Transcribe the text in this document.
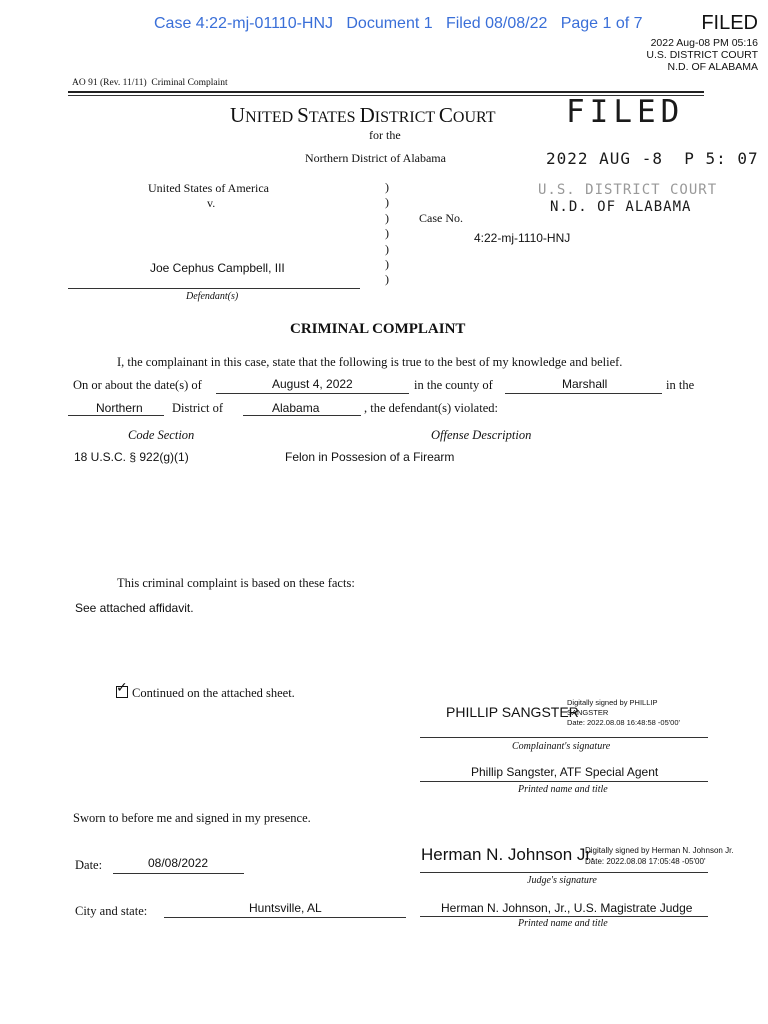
Case 4:22-mj-01110-HNJ   Document 1   Filed 08/08/22   Page 1 of 7	FILED
2022 Aug-08 PM 05:16
U.S. DISTRICT COURT
N.D. OF ALABAMA
AO 91 (Rev. 11/11) Criminal Complaint
UNITED STATES DISTRICT COURT
for the
Northern District of Alabama
FILED
2022 AUG -8  P 5: 07
U.S. DISTRICT COURT
N.D. OF ALABAMA
United States of America
v.
)
)
)
)
)
)
)
Case No.
4:22-mj-1110-HNJ
Joe Cephus Campbell, III
Defendant(s)
CRIMINAL COMPLAINT
I, the complainant in this case, state that the following is true to the best of my knowledge and belief.
On or about the date(s) of	August 4, 2022	in the county of	Marshall	in the
Northern District of	Alabama	, the defendant(s) violated:
Code Section	Offense Description
18 U.S.C. § 922(g)(1)	Felon in Possesion of a Firearm
This criminal complaint is based on these facts:
See attached affidavit.
✓ Continued on the attached sheet.
PHILLIP SANGSTER
Digitally signed by PHILLIP
SANGSTER
Date: 2022.08.08 16:48:58 -05'00'
Complainant's signature
Phillip Sangster, ATF Special Agent
Printed name and title
Sworn to before me and signed in my presence.
Date:	08/08/2022	Herman N. Johnson Jr.
Digitally signed by Herman N. Johnson Jr.
Date: 2022.08.08 17:05:48 -05'00'
Judge's signature
City and state:	Huntsville, AL	Herman N. Johnson, Jr., U.S. Magistrate Judge
Printed name and title
